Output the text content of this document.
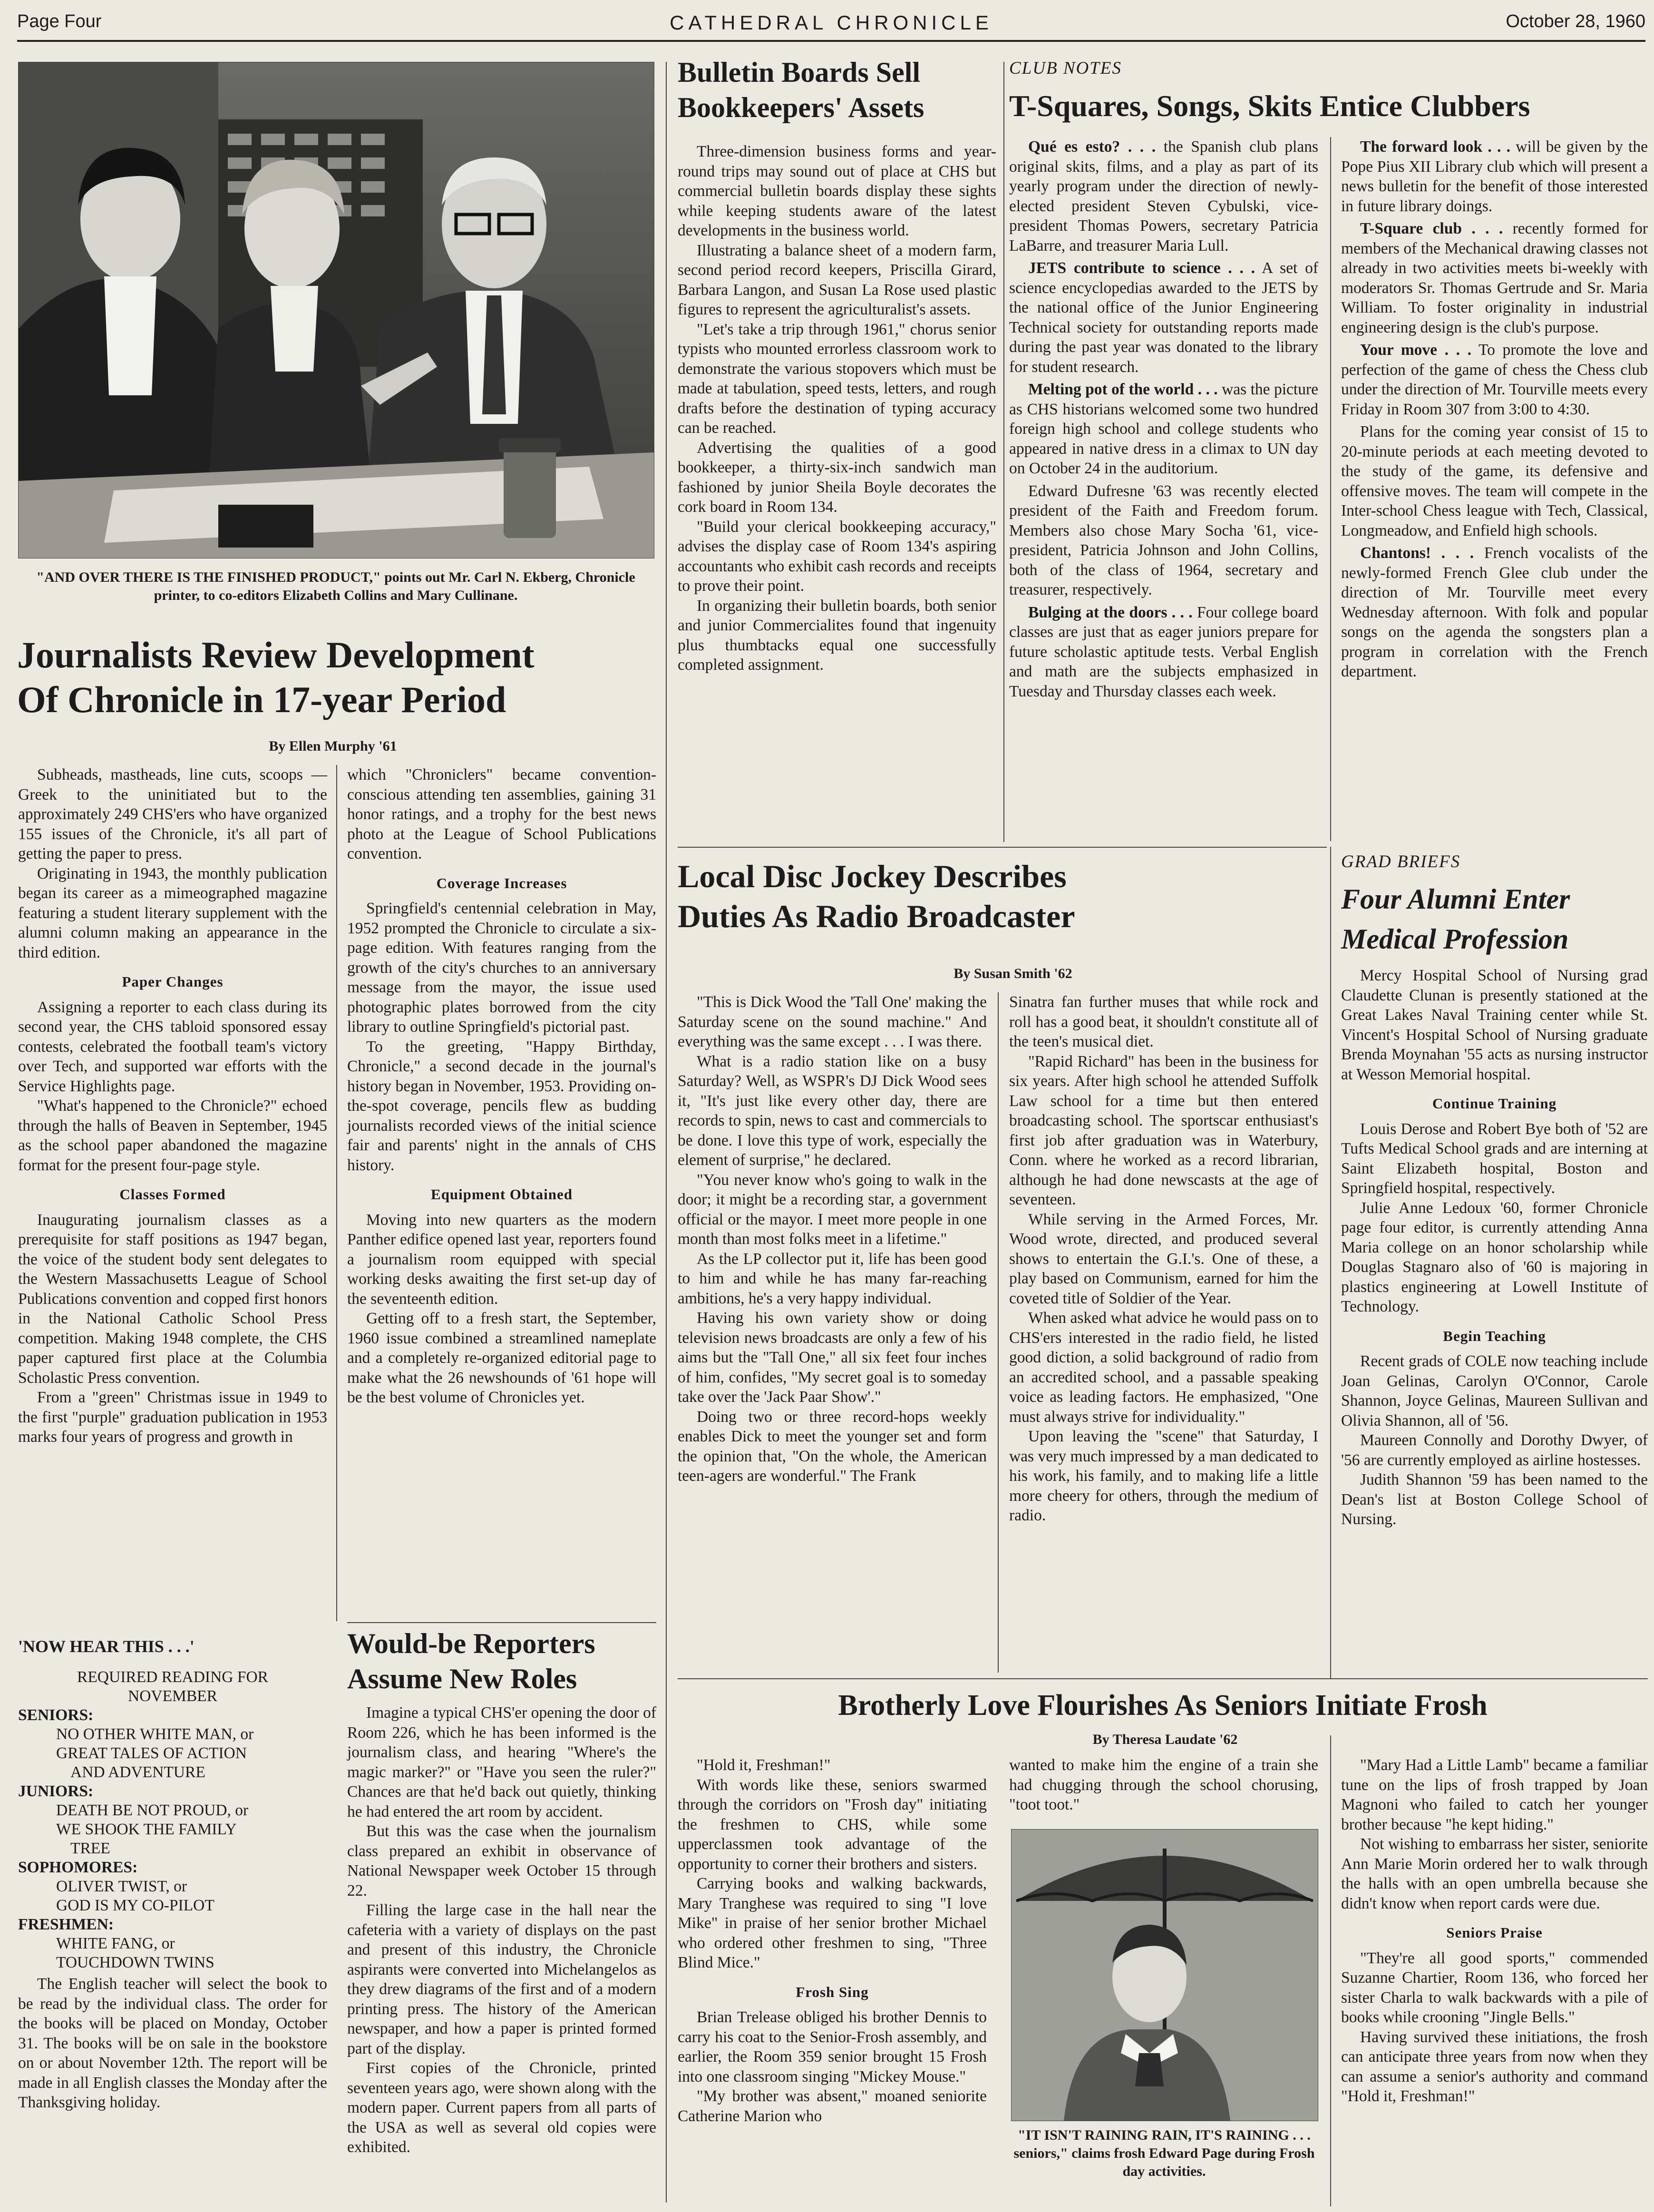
Page Four	CATHEDRAL CHRONICLE	October 28, 1960
"AND OVER THERE IS THE FINISHED PRODUCT," points out Mr. Carl N. Ekberg, Chronicle printer, to co-editors Elizabeth Collins and Mary Cullinane.
Journalists Review Development
Of Chronicle in 17-year Period
By Ellen Murphy '61

Subheads, mastheads, line cuts, scoops — Greek to the uninitiated but to the approximately 249 CHS'ers who have organized 155 issues of the Chronicle, it's all part of getting the paper to press.

Originating in 1943, the monthly publication began its career as a mimeographed magazine featuring a student literary supplement with the alumni column making an appearance in the third edition.

Paper Changes

Assigning a reporter to each class during its second year, the CHS tabloid sponsored essay contests, celebrated the football team's victory over Tech, and supported war efforts with the Service Highlights page.

"What's happened to the Chronicle?" echoed through the halls of Beaven in September, 1945 as the school paper abandoned the magazine format for the present four-page style.

Classes Formed

Inaugurating journalism classes as a prerequisite for staff positions as 1947 began, the voice of the student body sent delegates to the Western Massachusetts League of School Publications convention and copped first honors in the National Catholic School Press competition. Making 1948 complete, the CHS paper captured first place at the Columbia Scholastic Press convention.

From a "green" Christmas issue in 1949 to the first "purple" graduation publication in 1953 marks four years of progress and growth in

which "Chroniclers" became convention-conscious attending ten assemblies, gaining 31 honor ratings, and a trophy for the best news photo at the League of School Publications convention.

Coverage Increases

Springfield's centennial celebration in May, 1952 prompted the Chronicle to circulate a six-page edition. With features ranging from the growth of the city's churches to an anniversary message from the mayor, the issue used photographic plates borrowed from the city library to outline Springfield's pictorial past.

To the greeting, "Happy Birthday, Chronicle," a second decade in the journal's history began in November, 1953. Providing on-the-spot coverage, pencils flew as budding journalists recorded views of the initial science fair and parents' night in the annals of CHS history.

Equipment Obtained

Moving into new quarters as the modern Panther edifice opened last year, reporters found a journalism room equipped with special working desks awaiting the first set-up day of the seventeenth edition.

Getting off to a fresh start, the September, 1960 issue combined a streamlined nameplate and a completely re-organized editorial page to make what the 26 newshounds of '61 hope will be the best volume of Chronicles yet.

'NOW HEAR THIS . . .'
REQUIRED READING FOR NOVEMBER
SENIORS:
NO OTHER WHITE MAN, or
GREAT TALES OF ACTION
AND ADVENTURE
JUNIORS:
DEATH BE NOT PROUD, or
WE SHOOK THE FAMILY
TREE
SOPHOMORES:
OLIVER TWIST, or
GOD IS MY CO-PILOT
FRESHMEN:
WHITE FANG, or
TOUCHDOWN TWINS

The English teacher will select the book to be read by the individual class. The order for the books will be placed on Monday, October 31. The books will be on sale in the bookstore on or about November 12th. The report will be made in all English classes the Monday after the Thanksgiving holiday.

Would-be Reporters
Assume New Roles

Imagine a typical CHS'er opening the door of Room 226, which he has been informed is the journalism class, and hearing "Where's the magic marker?" or "Have you seen the ruler?" Chances are that he'd back out quietly, thinking he had entered the art room by accident.

But this was the case when the journalism class prepared an exhibit in observance of National Newspaper week October 15 through 22.

Filling the large case in the hall near the cafeteria with a variety of displays on the past and present of this industry, the Chronicle aspirants were converted into Michelangelos as they drew diagrams of the first and of a modern printing press. The history of the American newspaper, and how a paper is printed formed part of the display.

First copies of the Chronicle, printed seventeen years ago, were shown along with the modern paper. Current papers from all parts of the USA as well as several old copies were exhibited.

Bulletin Boards Sell
Bookkeepers' Assets

Three-dimension business forms and year-round trips may sound out of place at CHS but commercial bulletin boards display these sights while keeping students aware of the latest developments in the business world.

Illustrating a balance sheet of a modern farm, second period record keepers, Priscilla Girard, Barbara Langon, and Susan La Rose used plastic figures to represent the agriculturalist's assets.

"Let's take a trip through 1961," chorus senior typists who mounted errorless classroom work to demonstrate the various stopovers which must be made at tabulation, speed tests, letters, and rough drafts before the destination of typing accuracy can be reached.

Advertising the qualities of a good bookkeeper, a thirty-six-inch sandwich man fashioned by junior Sheila Boyle decorates the cork board in Room 134.

"Build your clerical bookkeeping accuracy," advises the display case of Room 134's aspiring accountants who exhibit cash records and receipts to prove their point.

In organizing their bulletin boards, both senior and junior Commercialites found that ingenuity plus thumbtacks equal one successfully completed assignment.

CLUB NOTES
T-Squares, Songs, Skits Entice Clubbers

Qué es esto? . . . the Spanish club plans original skits, films, and a play as part of its yearly program under the direction of newly-elected president Steven Cybulski, vice-president Thomas Powers, secretary Patricia LaBarre, and treasurer Maria Lull.

JETS contribute to science . . . A set of science encyclopedias awarded to the JETS by the national office of the Junior Engineering Technical society for outstanding reports made during the past year was donated to the library for student research.

Melting pot of the world . . . was the picture as CHS historians welcomed some two hundred foreign high school and college students who appeared in native dress in a climax to UN day on October 24 in the auditorium.

Edward Dufresne '63 was recently elected president of the Faith and Freedom forum. Members also chose Mary Socha '61, vice-president, Patricia Johnson and John Collins, both of the class of 1964, secretary and treasurer, respectively.

Bulging at the doors . . . Four college board classes are just that as eager juniors prepare for future scholastic aptitude tests. Verbal English and math are the subjects emphasized in Tuesday and Thursday classes each week.

The forward look . . . will be given by the Pope Pius XII Library club which will present a news bulletin for the benefit of those interested in future library doings.

T-Square club . . . recently formed for members of the Mechanical drawing classes not already in two activities meets bi-weekly with moderators Sr. Thomas Gertrude and Sr. Maria William. To foster originality in industrial engineering design is the club's purpose.

Your move . . . To promote the love and perfection of the game of chess the Chess club under the direction of Mr. Tourville meets every Friday in Room 307 from 3:00 to 4:30.

Plans for the coming year consist of 15 to 20-minute periods at each meeting devoted to the study of the game, its defensive and offensive moves. The team will compete in the Inter-school Chess league with Tech, Classical, Longmeadow, and Enfield high schools.

Chantons! . . . French vocalists of the newly-formed French Glee club under the direction of Mr. Tourville meet every Wednesday afternoon. With folk and popular songs on the agenda the songsters plan a program in correlation with the French department.

Local Disc Jockey Describes
Duties As Radio Broadcaster
By Susan Smith '62

"This is Dick Wood the 'Tall One' making the Saturday scene on the sound machine." And everything was the same except . . . I was there.

What is a radio station like on a busy Saturday? Well, as WSPR's DJ Dick Wood sees it, "It's just like every other day, there are records to spin, news to cast and commercials to be done. I love this type of work, especially the element of surprise," he declared.

"You never know who's going to walk in the door; it might be a recording star, a government official or the mayor. I meet more people in one month than most folks meet in a lifetime."

As the LP collector put it, life has been good to him and while he has many far-reaching ambitions, he's a very happy individual.

Having his own variety show or doing television news broadcasts are only a few of his aims but the "Tall One," all six feet four inches of him, confides, "My secret goal is to someday take over the 'Jack Paar Show'."

Doing two or three record-hops weekly enables Dick to meet the younger set and form the opinion that, "On the whole, the American teen-agers are wonderful." The Frank

Sinatra fan further muses that while rock and roll has a good beat, it shouldn't constitute all of the teen's musical diet.

"Rapid Richard" has been in the business for six years. After high school he attended Suffolk Law school for a time but then entered broadcasting school. The sportscar enthusiast's first job after graduation was in Waterbury, Conn. where he worked as a record librarian, although he had done newscasts at the age of seventeen.

While serving in the Armed Forces, Mr. Wood wrote, directed, and produced several shows to entertain the G.I.'s. One of these, a play based on Communism, earned for him the coveted title of Soldier of the Year.

When asked what advice he would pass on to CHS'ers interested in the radio field, he listed good diction, a solid background of radio from an accredited school, and a passable speaking voice as leading factors. He emphasized, "One must always strive for individuality."

Upon leaving the "scene" that Saturday, I was very much impressed by a man dedicated to his work, his family, and to making life a little more cheery for others, through the medium of radio.

GRAD BRIEFS
Four Alumni Enter
Medical Profession

Mercy Hospital School of Nursing grad Claudette Clunan is presently stationed at the Great Lakes Naval Training center while St. Vincent's Hospital School of Nursing graduate Brenda Moynahan '55 acts as nursing instructor at Wesson Memorial hospital.

Continue Training

Louis Derose and Robert Bye both of '52 are Tufts Medical School grads and are interning at Saint Elizabeth hospital, Boston and Springfield hospital, respectively.

Julie Anne Ledoux '60, former Chronicle page four editor, is currently attending Anna Maria college on an honor scholarship while Douglas Stagnaro also of '60 is majoring in plastics engineering at Lowell Institute of Technology.

Begin Teaching

Recent grads of COLE now teaching include Joan Gelinas, Carolyn O'Connor, Carole Shannon, Joyce Gelinas, Maureen Sullivan and Olivia Shannon, all of '56.

Maureen Connolly and Dorothy Dwyer, of '56 are currently employed as airline hostesses.

Judith Shannon '59 has been named to the Dean's list at Boston College School of Nursing.

Brotherly Love Flourishes As Seniors Initiate Frosh
By Theresa Laudate '62

"Hold it, Freshman!"

With words like these, seniors swarmed through the corridors on "Frosh day" initiating the freshmen to CHS, while some upperclassmen took advantage of the opportunity to corner their brothers and sisters.

Carrying books and walking backwards, Mary Tranghese was required to sing "I love Mike" in praise of her senior brother Michael who ordered other freshmen to sing, "Three Blind Mice."

Frosh Sing

Brian Trelease obliged his brother Dennis to carry his coat to the Senior-Frosh assembly, and earlier, the Room 359 senior brought 15 Frosh into one classroom singing "Mickey Mouse."

"My brother was absent," moaned seniorite Catherine Marion who

wanted to make him the engine of a train she had chugging through the school chorusing, "toot toot."

"IT ISN'T RAINING RAIN, IT'S RAINING . . . seniors," claims frosh Edward Page during Frosh day activities.

"Mary Had a Little Lamb" became a familiar tune on the lips of frosh trapped by Joan Magnoni who failed to catch her younger brother because "he kept hiding."

Not wishing to embarrass her sister, seniorite Ann Marie Morin ordered her to walk through the halls with an open umbrella because she didn't know when report cards were due.

Seniors Praise

"They're all good sports," commended Suzanne Chartier, Room 136, who forced her sister Charla to walk backwards with a pile of books while crooning "Jingle Bells."

Having survived these initiations, the frosh can anticipate three years from now when they can assume a senior's authority and command "Hold it, Freshman!"
